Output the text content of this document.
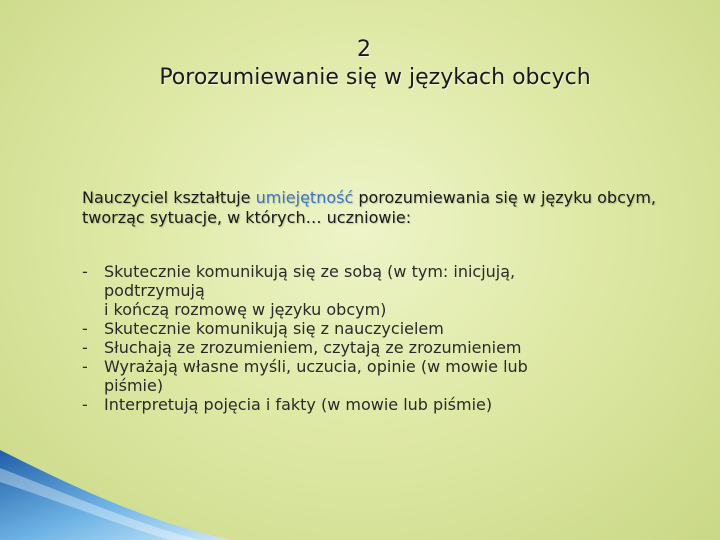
2
Porozumiewanie się w językach obcych
Nauczyciel kształtuje umiejętność porozumiewania się w języku obcym, tworząc sytuacje, w których… uczniowie:
- Skutecznie komunikują się ze sobą (w tym: inicjują,
podtrzymują
i kończą rozmowę w języku obcym)
- Skutecznie komunikują się z nauczycielem
- Słuchają ze zrozumieniem, czytają ze zrozumieniem
- Wyrażają własne myśli, uczucia, opinie (w mowie lub
piśmie)
- Interpretują pojęcia i fakty (w mowie lub piśmie)
